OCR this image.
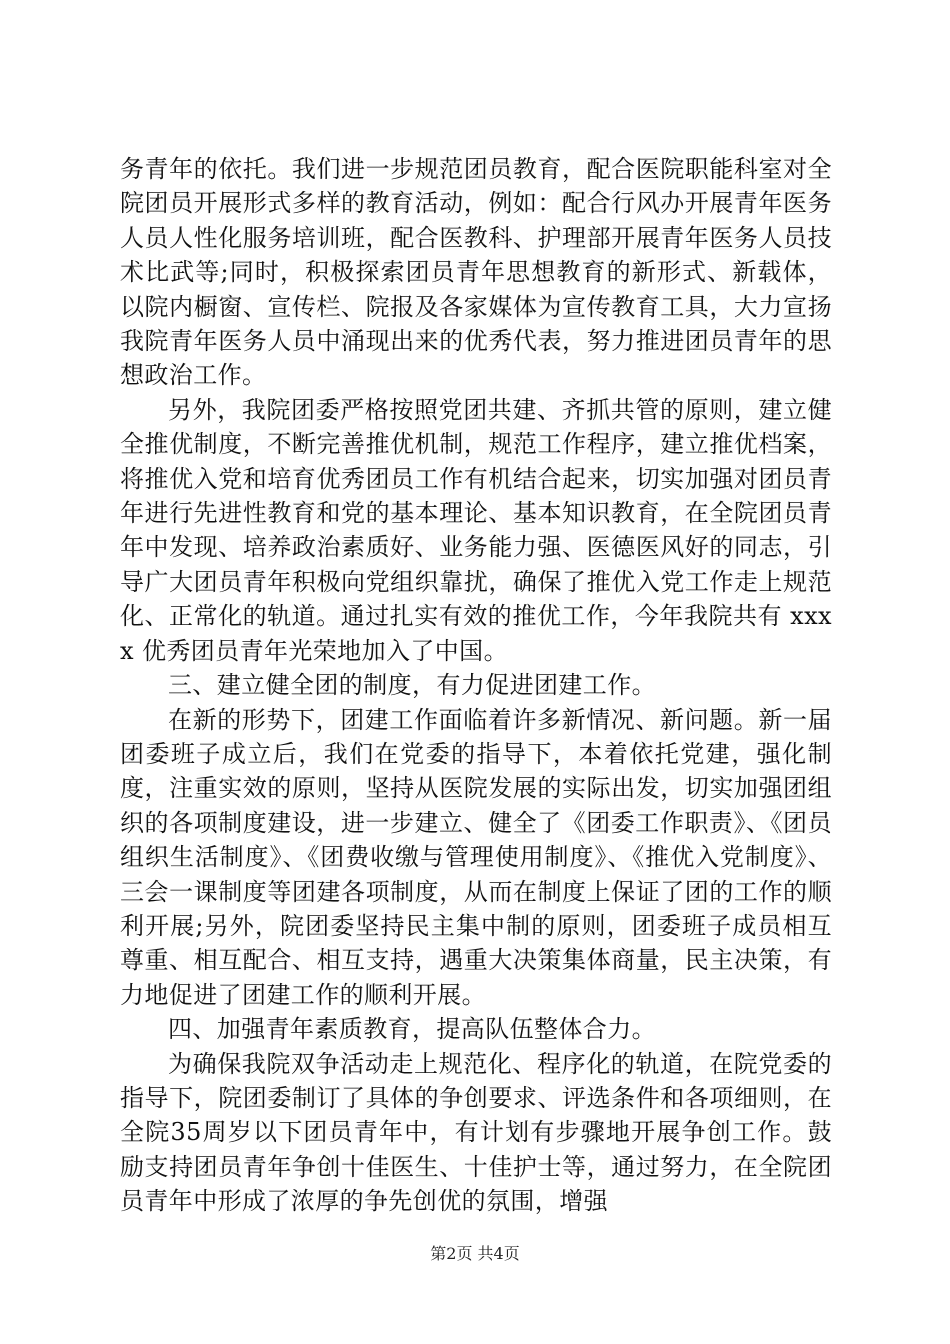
务青年的依托。我们进一步规范团员教育，配合医院职能科室对全院团员开展形式多样的教育活动，例如：配合行风办开展青年医务人员人性化服务培训班，配合医教科、护理部开展青年医务人员技术比武等;同时，积极探索团员青年思想教育的新形式、新载体，以院内橱窗、宣传栏、院报及各家媒体为宣传教育工具，大力宣扬我院青年医务人员中涌现出来的优秀代表，努力推进团员青年的思想政治工作。

另外，我院团委严格按照党团共建、齐抓共管的原则，建立健全推优制度，不断完善推优机制，规范工作程序，建立推优档案，将推优入党和培育优秀团员工作有机结合起来，切实加强对团员青年进行先进性教育和党的基本理论、基本知识教育，在全院团员青年中发现、培养政治素质好、业务能力强、医德医风好的同志，引导广大团员青年积极向党组织靠扰，确保了推优入党工作走上规范化、正常化的轨道。通过扎实有效的推优工作，今年我院共有 xxxx 优秀团员青年光荣地加入了中国。

三、建立健全团的制度，有力促进团建工作。

在新的形势下，团建工作面临着许多新情况、新问题。新一届团委班子成立后，我们在党委的指导下，本着依托党建，强化制度，注重实效的原则，坚持从医院发展的实际出发，切实加强团组织的各项制度建设，进一步建立、健全了《团委工作职责》、《团员组织生活制度》、《团费收缴与管理使用制度》、《推优入党制度》、三会一课制度等团建各项制度，从而在制度上保证了团的工作的顺利开展;另外，院团委坚持民主集中制的原则，团委班子成员相互尊重、相互配合、相互支持，遇重大决策集体商量，民主决策，有力地促进了团建工作的顺利开展。

四、加强青年素质教育，提高队伍整体合力。

为确保我院双争活动走上规范化、程序化的轨道，在院党委的指导下，院团委制订了具体的争创要求、评选条件和各项细则，在全院35周岁以下团员青年中，有计划有步骤地开展争创工作。鼓励支持团员青年争创十佳医生、十佳护士等，通过努力，在全院团员青年中形成了浓厚的争先创优的氛围，增强

第2页 共4页
